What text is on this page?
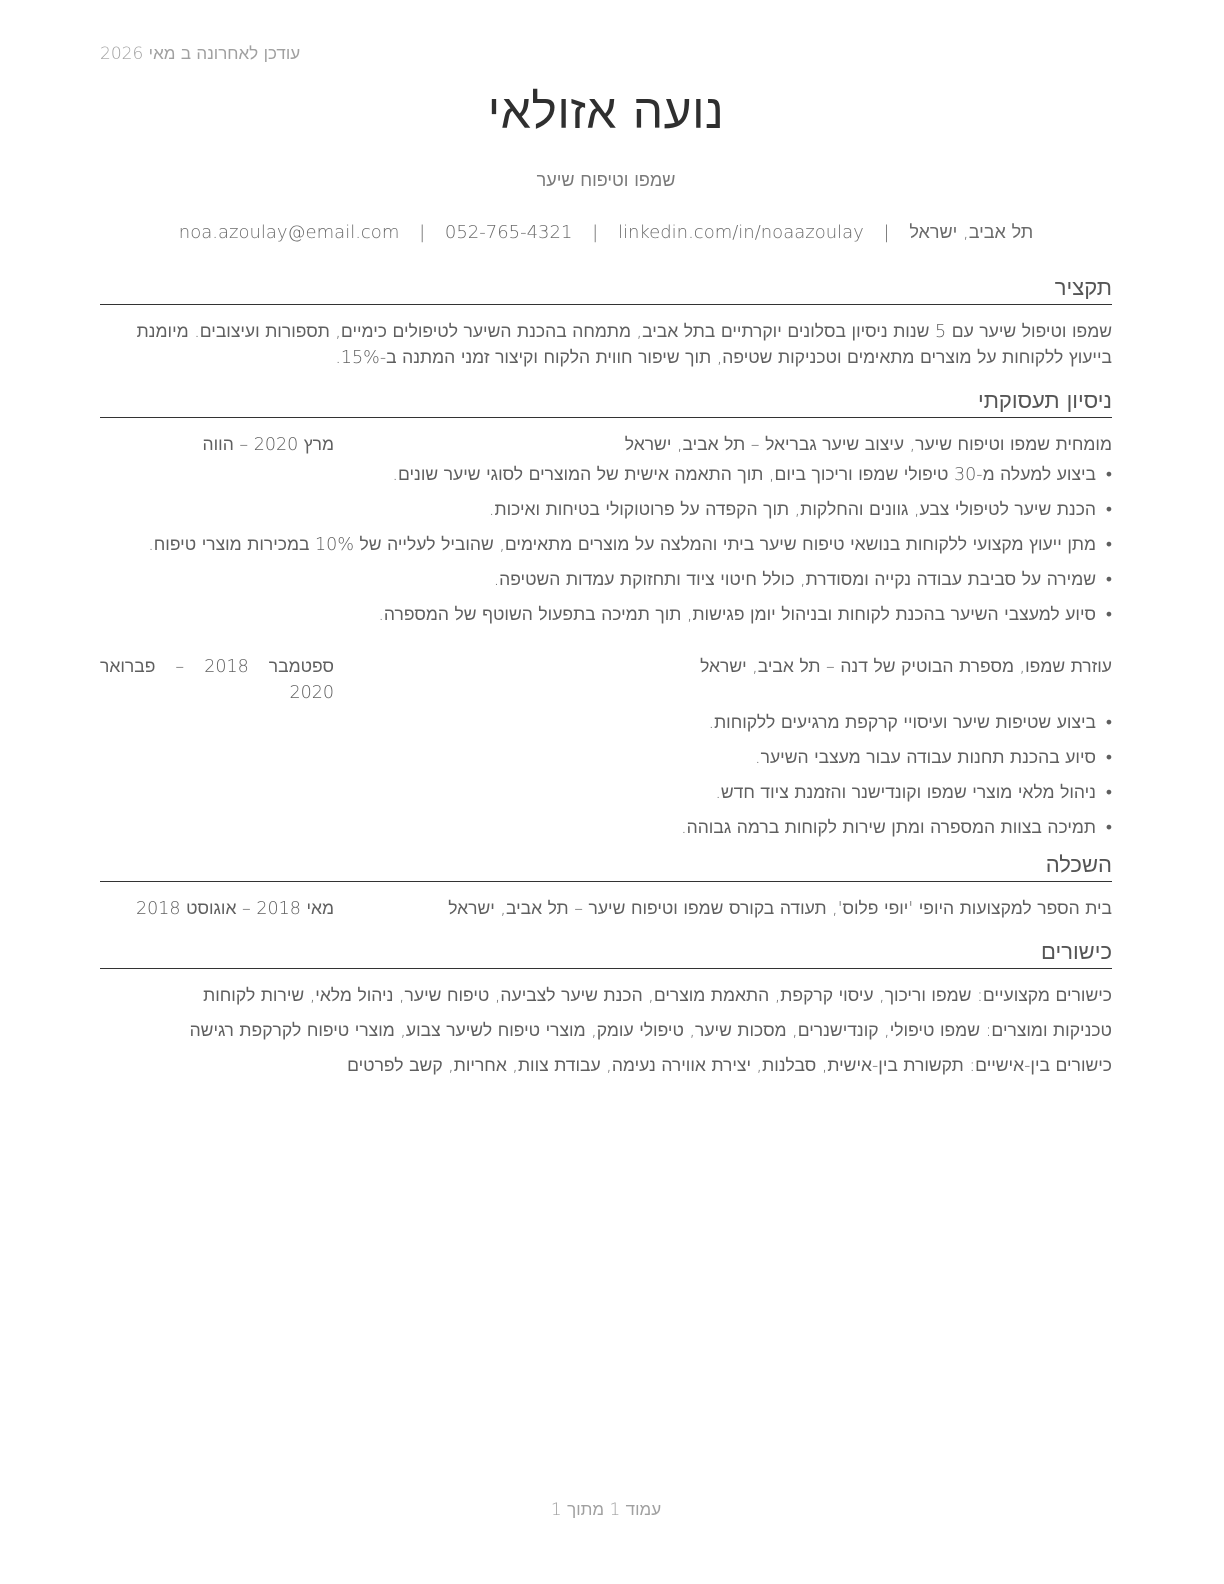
עודכן לאחרונה ב מאי 2026
נועה אזולאי
שמפו וטיפוח שיער
תל אביב, ישראל | noa.azoulay@email.com | 052-765-4321 | linkedin.com/in/noaazoulay
תקציר

שמפו וטיפול שיער עם 5 שנות ניסיון בסלונים יוקרתיים בתל אביב, מתמחה בהכנת השיער לטיפולים כימיים, תספורות ועיצובים. מיומנת בייעוץ ללקוחות על מוצרים מתאימים וטכניקות שטיפה, תוך שיפור חווית הלקוח וקיצור זמני המתנה ב-15%.

ניסיון תעסוקתי
מומחית שמפו וטיפוח שיער, עיצוב שיער גבריאל – תל אביב, ישראל
מרץ 2020 – הווה
•
ביצוע למעלה מ-30 טיפולי שמפו וריכוך ביום, תוך התאמה אישית של המוצרים לסוגי שיער שונים.
•
הכנת שיער לטיפולי צבע, גוונים והחלקות, תוך הקפדה על פרוטוקולי בטיחות ואיכות.
•
מתן ייעוץ מקצועי ללקוחות בנושאי טיפוח שיער ביתי והמלצה על מוצרים מתאימים, שהוביל לעלייה של 10% במכירות מוצרי טיפוח.
•
שמירה על סביבת עבודה נקייה ומסודרת, כולל חיטוי ציוד ותחזוקת עמדות השטיפה.
•
סיוע למעצבי השיער בהכנת לקוחות ובניהול יומן פגישות, תוך תמיכה בתפעול השוטף של המספרה.
עוזרת שמפו, מספרת הבוטיק של דנה – תל אביב, ישראל
ספטמבר 2018 – פברואר 2020
•
ביצוע שטיפות שיער ועיסויי קרקפת מרגיעים ללקוחות.
•
סיוע בהכנת תחנות עבודה עבור מעצבי השיער.
•
ניהול מלאי מוצרי שמפו וקונדישנר והזמנת ציוד חדש.
•
תמיכה בצוות המספרה ומתן שירות לקוחות ברמה גבוהה.
השכלה
בית הספר למקצועות היופי 'יופי פלוס', תעודה בקורס שמפו וטיפוח שיער – תל אביב, ישראל
מאי 2018 – אוגוסט 2018
כישורים
כישורים מקצועיים: שמפו וריכוך, עיסוי קרקפת, התאמת מוצרים, הכנת שיער לצביעה, טיפוח שיער, ניהול מלאי, שירות לקוחות
טכניקות ומוצרים: שמפו טיפולי, קונדישנרים, מסכות שיער, טיפולי עומק, מוצרי טיפוח לשיער צבוע, מוצרי טיפוח לקרקפת רגישה
כישורים בין-אישיים: תקשורת בין-אישית, סבלנות, יצירת אווירה נעימה, עבודת צוות, אחריות, קשב לפרטים
עמוד 1 מתוך 1
